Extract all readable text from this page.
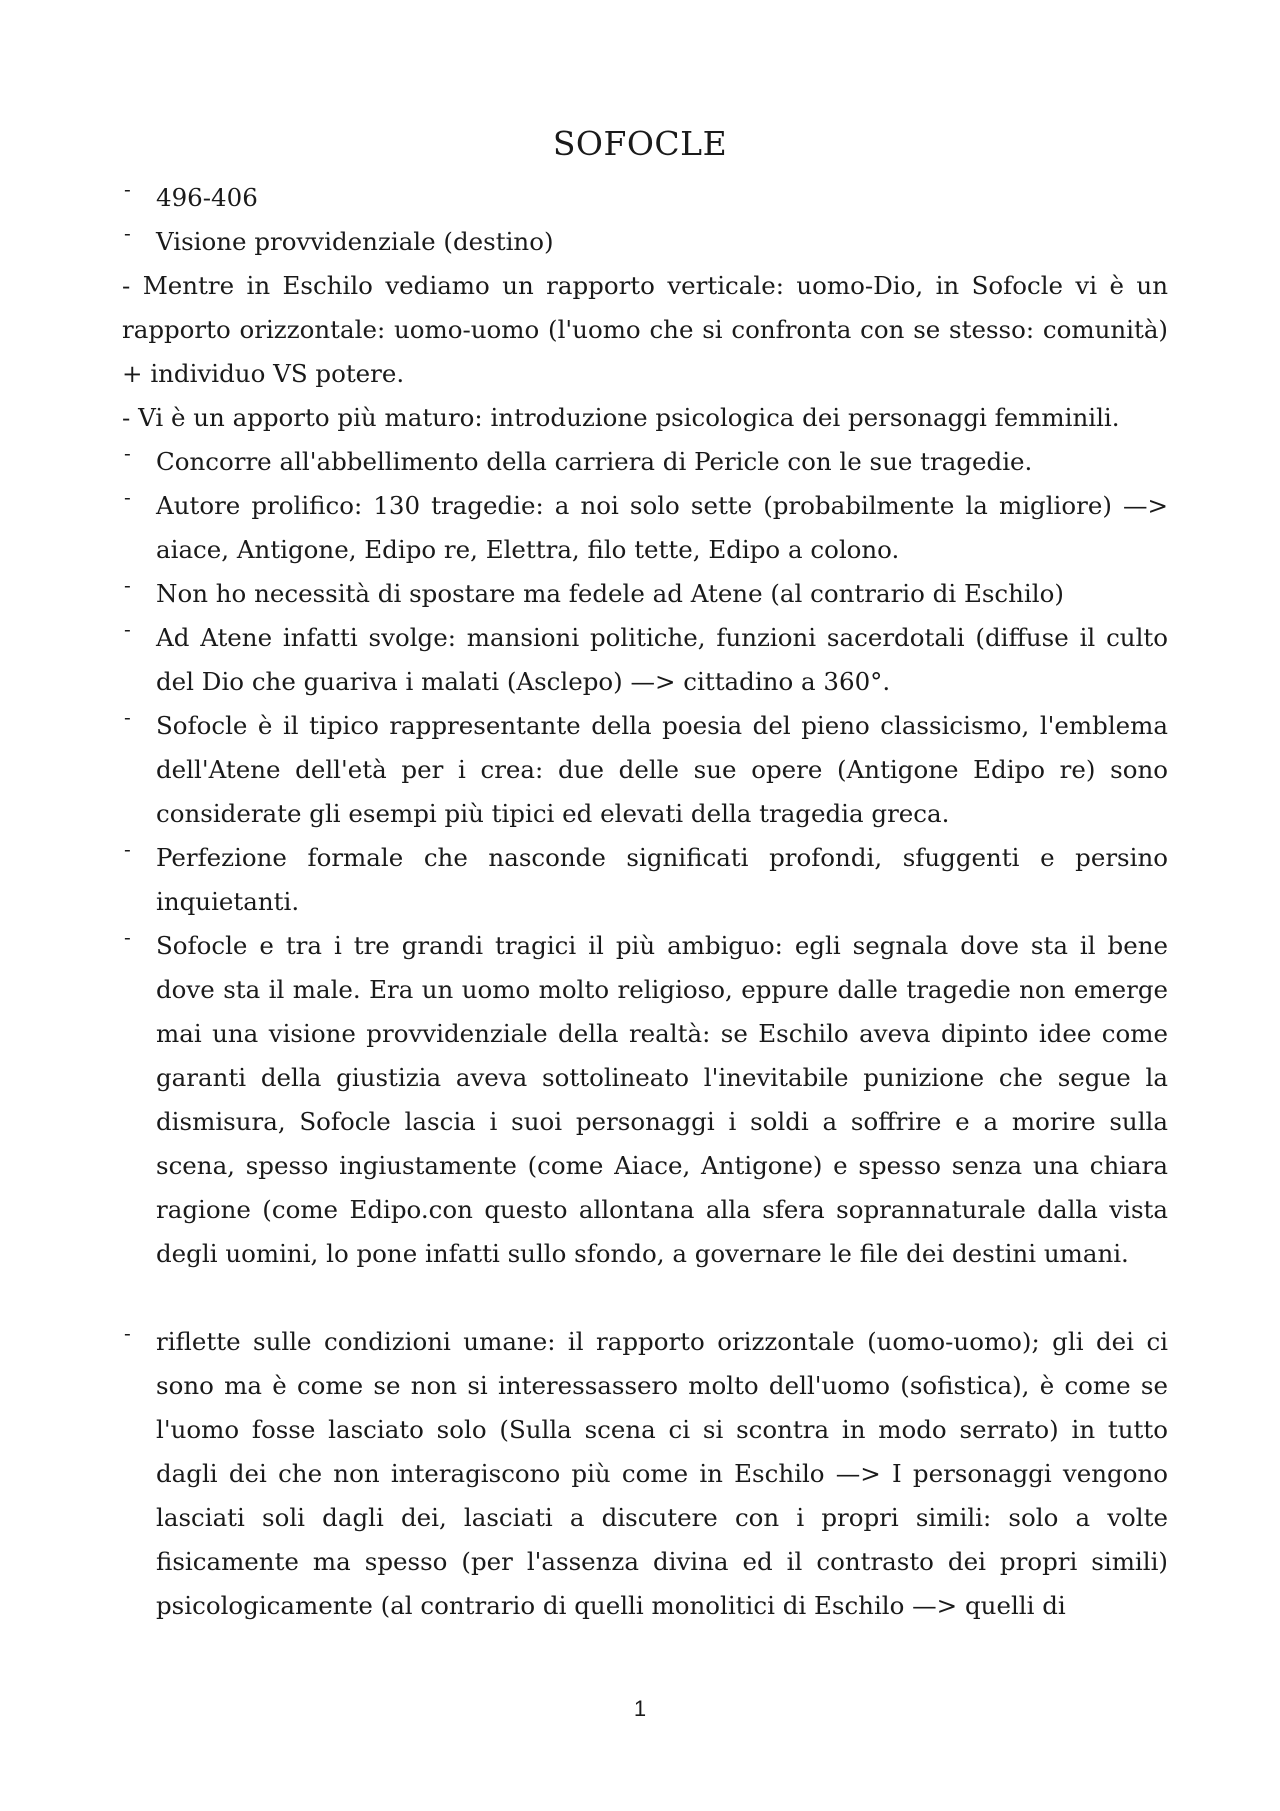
SOFOCLE
- 496-406
- Visione provvidenziale (destino)
- Mentre in Eschilo vediamo un rapporto verticale: uomo-Dio, in Sofocle vi è un rapporto orizzontale: uomo-uomo (l'uomo che si confronta con se stesso: comunità) + individuo VS potere.
- Vi è un apporto più maturo: introduzione psicologica dei personaggi femminili.
- Concorre all'abbellimento della carriera di Pericle con le sue tragedie.
- Autore prolifico: 130 tragedie: a noi solo sette (probabilmente la migliore) —> aiace, Antigone, Edipo re, Elettra, filo tette, Edipo a colono.
- Non ho necessità di spostare ma fedele ad Atene (al contrario di Eschilo)
- Ad Atene infatti svolge: mansioni politiche, funzioni sacerdotali (diffuse il culto del Dio che guariva i malati (Asclepo) —> cittadino a 360°.
- Sofocle è il tipico rappresentante della poesia del pieno classicismo, l'emblema dell'Atene dell'età per i crea: due delle sue opere (Antigone Edipo re) sono considerate gli esempi più tipici ed elevati della tragedia greca.
- Perfezione formale che nasconde significati profondi, sfuggenti e persino inquietanti.
- Sofocle e tra i tre grandi tragici il più ambiguo: egli segnala dove sta il bene dove sta il male. Era un uomo molto religioso, eppure dalle tragedie non emerge mai una visione provvidenziale della realtà: se Eschilo aveva dipinto idee come garanti della giustizia aveva sottolineato l'inevitabile punizione che segue la dismisura, Sofocle lascia i suoi personaggi i soldi a soffrire e a morire sulla scena, spesso ingiustamente (come Aiace, Antigone) e spesso senza una chiara ragione (come Edipo.con questo allontana alla sfera soprannaturale dalla vista degli uomini, lo pone infatti sullo sfondo, a governare le file dei destini umani.
- riflette sulle condizioni umane: il rapporto orizzontale (uomo-uomo); gli dei ci sono ma è come se non si interessassero molto dell'uomo (sofistica), è come se l'uomo fosse lasciato solo (Sulla scena ci si scontra in modo serrato) in tutto dagli dei che non interagiscono più come in Eschilo —> I personaggi vengono lasciati soli dagli dei, lasciati a discutere con i propri simili: solo a volte fisicamente ma spesso (per l'assenza divina ed il contrasto dei propri simili) psicologicamente (al contrario di quelli monolitici di Eschilo —> quelli di
1
